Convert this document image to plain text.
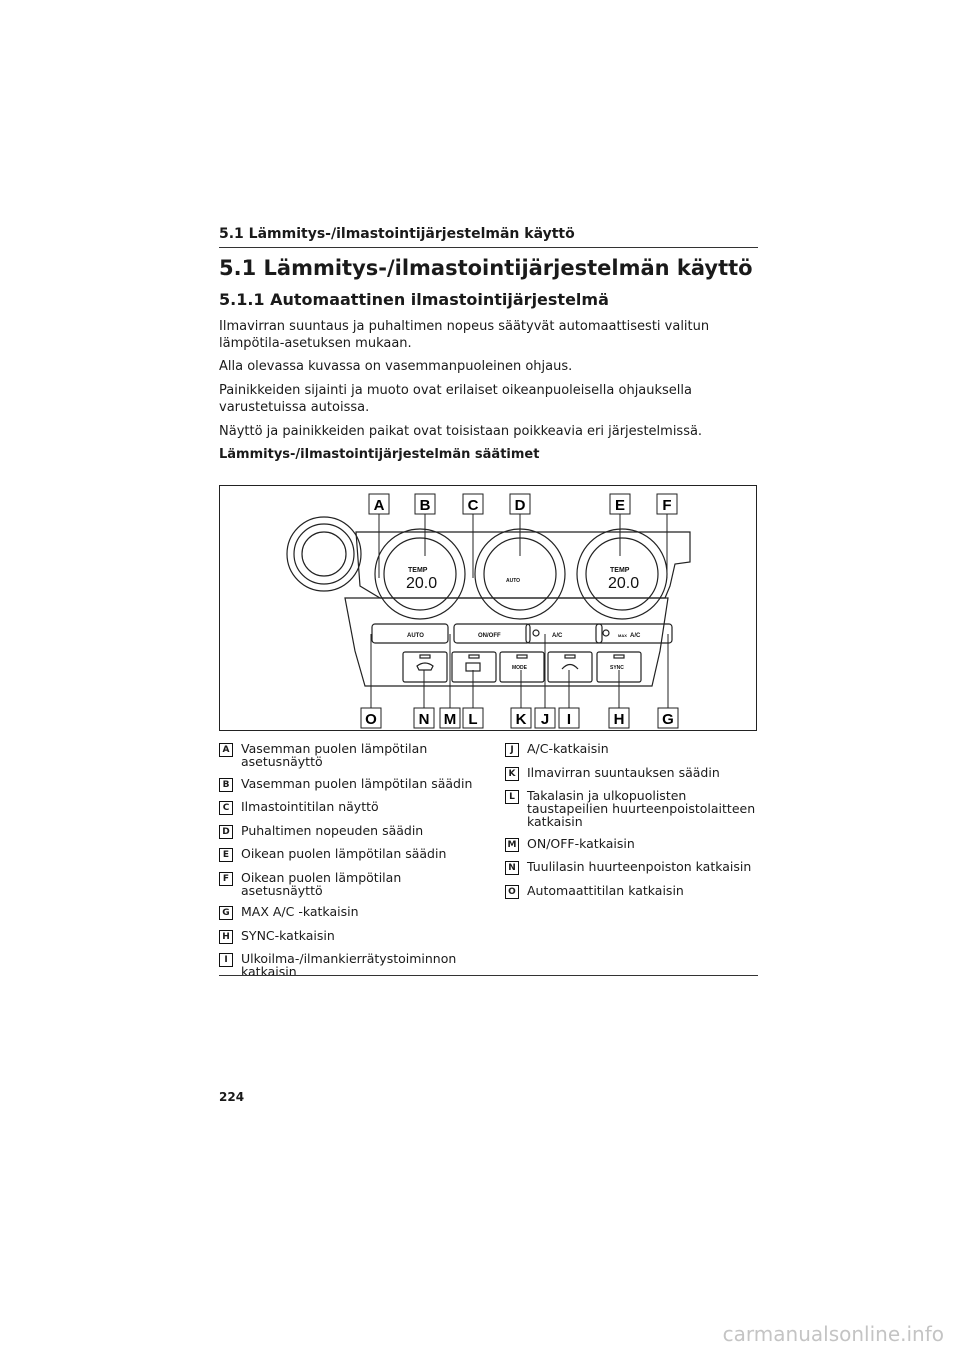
5.1 Lämmitys-/ilmastointijärjestelmän käyttö
5.1 Lämmitys-/ilmastointijärjestelmän käyttö
5.1.1 Automaattinen ilmastointijärjestelmä
Ilmavirran suuntaus ja puhaltimen nopeus säätyvät automaattisesti valitun lämpötila-asetuksen mukaan.
Alla olevassa kuvassa on vasemmanpuoleinen ohjaus.
Painikkeiden sijainti ja muoto ovat erilaiset oikeanpuoleisella ohjauksella varustetuissa autoissa.
Näyttö ja painikkeiden paikat ovat toisistaan poikkeavia eri järjestelmissä.
Lämmitys-/ilmastointijärjestelmän säätimet
A B C D	E F
O	N M L	K J I	H	G
TEMP
20.0
TEMP
20.0
AUTO
AUTO	ON/OFF	A/C	MAX A/C
MODE	SYNC
A Vasemman puolen lämpötilan asetusnäyttö
B Vasemman puolen lämpötilan säädin
C Ilmastointitilan näyttö
D Puhaltimen nopeuden säädin
E Oikean puolen lämpötilan säädin
F Oikean puolen lämpötilan asetusnäyttö
G MAX A/C -katkaisin
H SYNC-katkaisin
I	Ulkoilma-/ilmankierrätystoiminnon katkaisin
J	A/C-katkaisin
K Ilmavirran suuntauksen säädin
L Takalasin ja ulkopuolisten taustapeilien huurteenpoistolaitteen katkaisin
M ON/OFF-katkaisin
N Tuulilasin huurteenpoiston katkaisin
O Automaattitilan katkaisin
224
carmanualsonline.info
